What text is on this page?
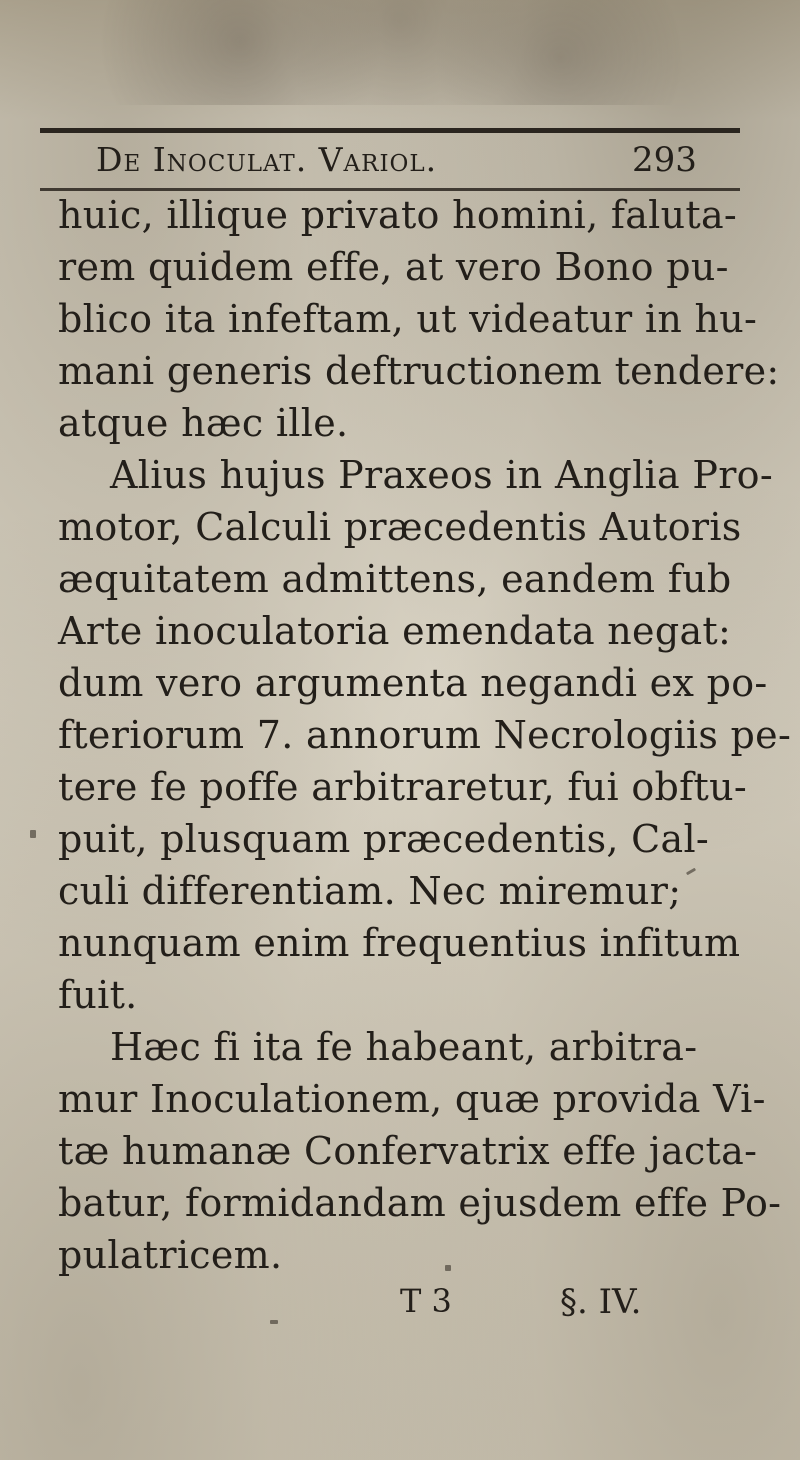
De Inoculat. Variol.	293
huic, illique privato homini, faluta-
rem quidem effe, at vero Bono pu-
blico ita infeftam, ut videatur in hu-
mani generis deftructionem tendere:
atque hæc ille.
Alius hujus Praxeos in Anglia Pro-
motor, Calculi præcedentis Autoris
æquitatem admittens, eandem fub
Arte inoculatoria emendata negat:
dum vero argumenta negandi ex po-
fteriorum 7. annorum Necrologiis pe-
tere fe poffe arbitraretur, fui obftu-
puit, plusquam præcedentis, Cal-
culi differentiam. Nec miremur;
nunquam enim frequentius infitum
fuit.
Hæc fi ita fe habeant, arbitra-
mur Inoculationem, quæ provida Vi-
tæ humanæ Confervatrix effe jacta-
batur, formidandam ejusdem effe Po-
pulatricem.
T 3	§. IV.
